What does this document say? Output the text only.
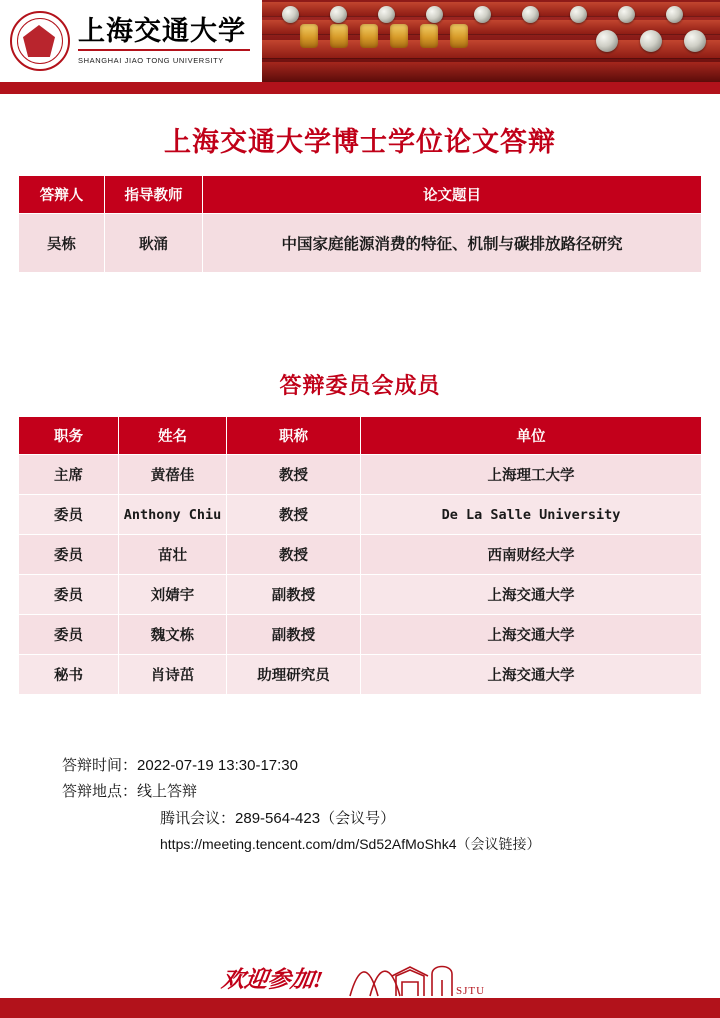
上海交通大学
SHANGHAI JIAO TONG UNIVERSITY
上海交通大学博士学位论文答辩
答辩人	指导教师	论文题目
吴栋	耿涌	中国家庭能源消费的特征、机制与碳排放路径研究
答辩委员会成员
职务	姓名	职称	单位
主席	黄蓓佳	教授	上海理工大学
委员	Anthony Chiu	教授	De La Salle University
委员	苗壮	教授	西南财经大学
委员	刘婧宇	副教授	上海交通大学
委员	魏文栋	副教授	上海交通大学
秘书	肖诗茁	助理研究员	上海交通大学
答辩时间：2022-07-19 13:30-17:30
答辩地点：线上答辩
腾讯会议：289-564-423（会议号）
https://meeting.tencent.com/dm/Sd52AfMoShk4（会议链接）
欢迎参加!	SJTU
